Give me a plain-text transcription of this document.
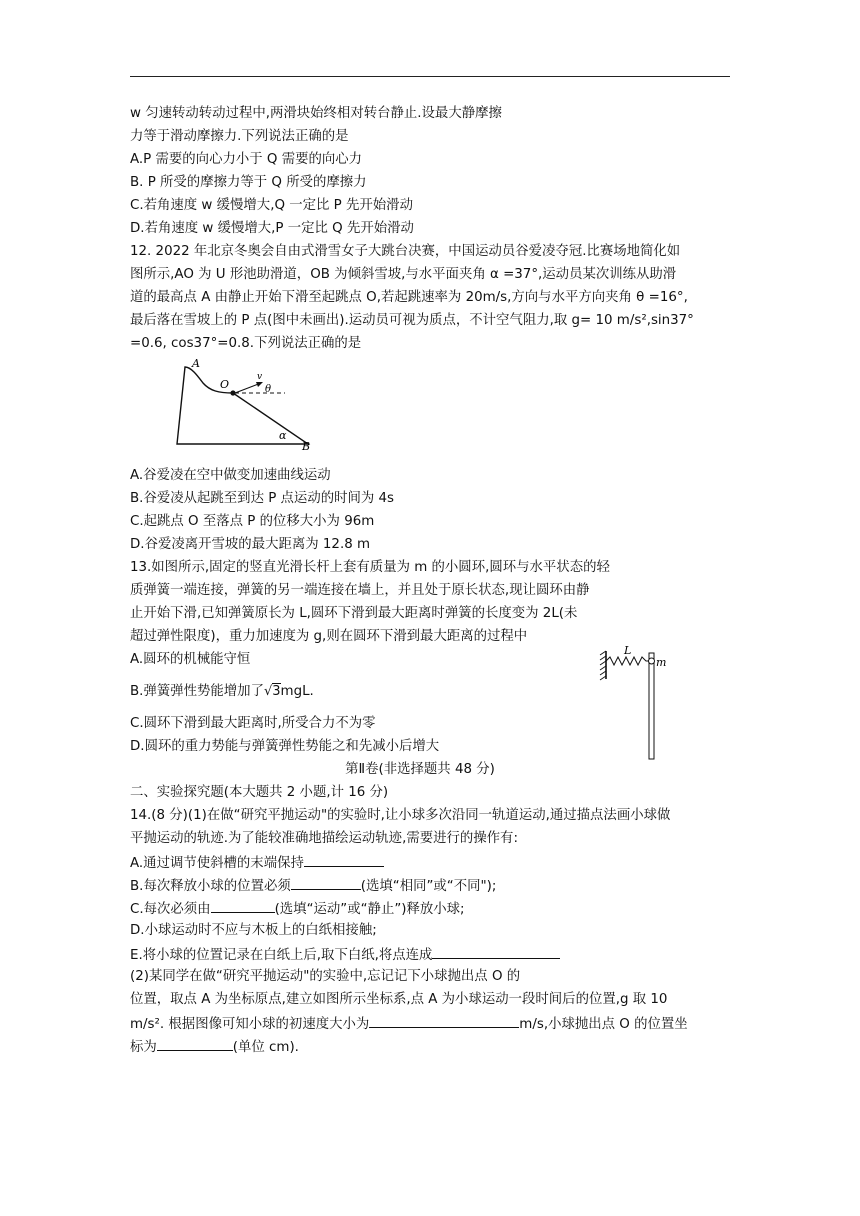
w 匀速转动转动过程中,两滑块始终相对转台静止.设最大静摩擦
力等于滑动摩擦力.下列说法正确的是
A.P 需要的向心力小于 Q 需要的向心力
B. P 所受的摩擦力等于 Q 所受的摩擦力
C.若角速度 w 缓慢增大,Q 一定比 P 先开始滑动
D.若角速度 w 缓慢增大,P 一定比 Q 先开始滑动
12. 2022 年北京冬奥会自由式滑雪女子大跳台决赛，中国运动员谷爱凌夺冠.比赛场地简化如
图所示,AO 为 U 形池助滑道，OB 为倾斜雪坡,与水平面夹角 α =37°,运动员某次训练从助滑
道的最高点 A 由静止开始下滑至起跳点 O,若起跳速率为 20m/s,方向与水平方向夹角 θ =16°,
最后落在雪坡上的 P 点(图中未画出).运动员可视为质点，不计空气阻力,取 g= 10 m/s²,sin37°
=0.6, cos37°=0.8.下列说法正确的是
A
O
v
θ
α
B
A.谷爱凌在空中做变加速曲线运动
B.谷爱凌从起跳至到达 P 点运动的时间为 4s
C.起跳点 O 至落点 P 的位移大小为 96m
D.谷爱凌离开雪坡的最大距离为 12.8 m
13.如图所示,固定的竖直光滑长杆上套有质量为 m 的小圆环,圆环与水平状态的轻
质弹簧一端连接，弹簧的另一端连接在墙上，并且处于原长状态,现让圆环由静
止开始下滑,已知弹簧原长为 L,圆环下滑到最大距离时弹簧的长度变为 2L(未
超过弹性限度)，重力加速度为 g,则在圆环下滑到最大距离的过程中
A.圆环的机械能守恒
B.弹簧弹性势能增加了√3mgL.
C.圆环下滑到最大距离时,所受合力不为零
D.圆环的重力势能与弹簧弹性势能之和先减小后增大
L
m
第Ⅱ卷(非选择题共 48 分)
二、实验探究题(本大题共 2 小题,计 16 分)
14.(8 分)(1)在做“研究平抛运动"的实验时,让小球多次沿同一轨道运动,通过描点法画小球做
平抛运动的轨迹.为了能较准确地描绘运动轨迹,需要进行的操作有:
A.通过调节使斜槽的末端保持
B.每次释放小球的位置必须	(选填“相同”或“不同");
C.每次必须由	(选填“运动”或“静止”)释放小球;
D.小球运动时不应与木板上的白纸相接触;
E.将小球的位置记录在白纸上后,取下白纸,将点连成
(2)某同学在做“研究平抛运动"的实验中,忘记记下小球抛出点 O 的
位置，取点 A 为坐标原点,建立如图所示坐标系,点 A 为小球运动一段时间后的位置,g 取 10
m/s². 根据图像可知小球的初速度大小为	m/s,小球抛出点 O 的位置坐
标为	(单位 cm).
